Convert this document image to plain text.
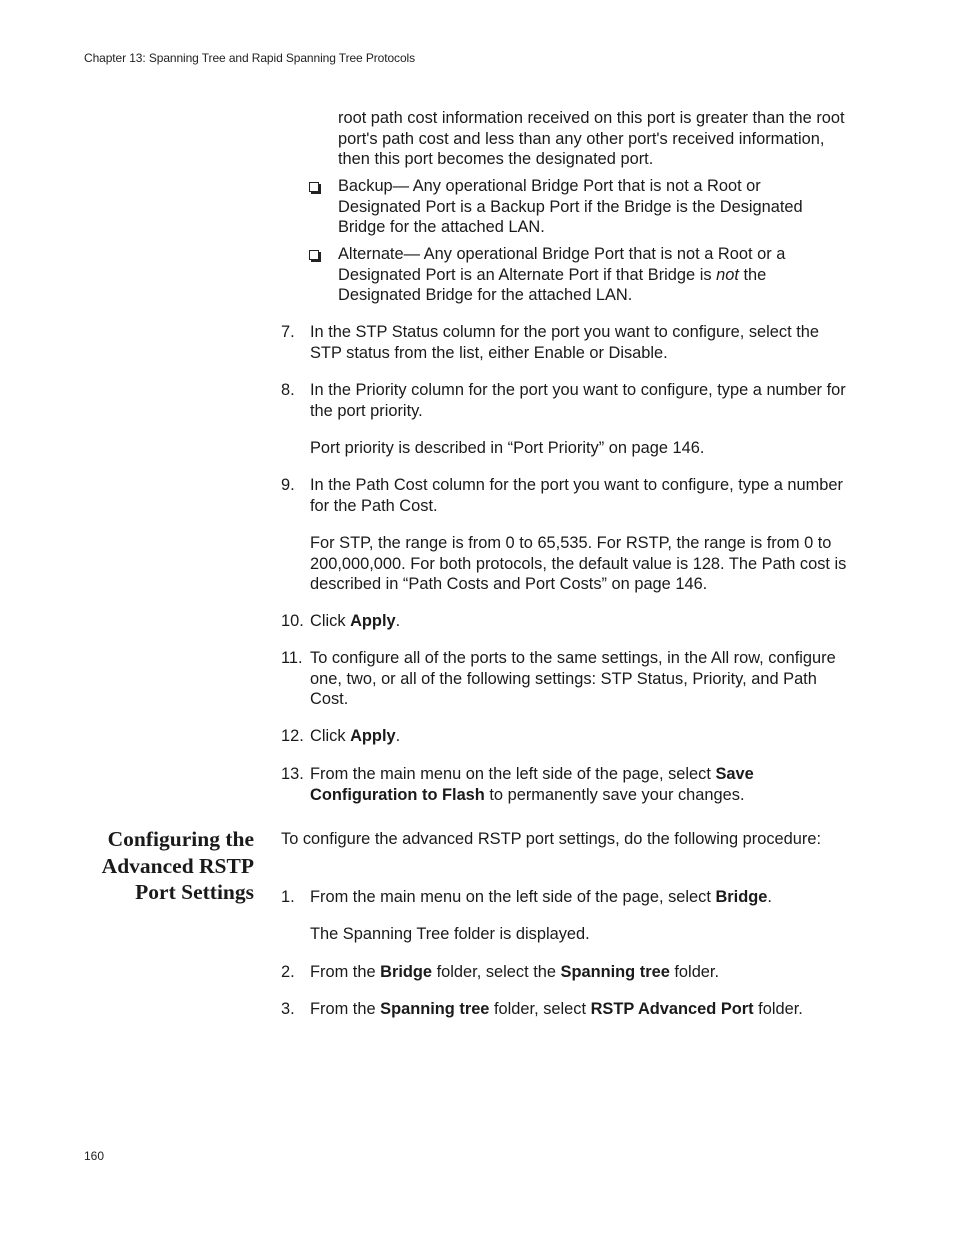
Chapter 13: Spanning Tree and Rapid Spanning Tree Protocols
root path cost information received on this port is greater than the root port's path cost and less than any other port's received information, then this port becomes the designated port.
Backup— Any operational Bridge Port that is not a Root or Designated Port is a Backup Port if the Bridge is the Designated Bridge for the attached LAN.
Alternate— Any operational Bridge Port that is not a Root or a Designated Port is an Alternate Port if that Bridge is not the Designated Bridge for the attached LAN.
7. In the STP Status column for the port you want to configure, select the STP status from the list, either Enable or Disable.
8. In the Priority column for the port you want to configure, type a number for the port priority.
Port priority is described in “Port Priority” on page 146.
9. In the Path Cost column for the port you want to configure, type a number for the Path Cost.
For STP, the range is from 0 to 65,535. For RSTP, the range is from 0 to 200,000,000. For both protocols, the default value is 128. The Path cost is described in “Path Costs and Port Costs” on page 146.
10. Click Apply.
11. To configure all of the ports to the same settings, in the All row, configure one, two, or all of the following settings: STP Status, Priority, and Path Cost.
12. Click Apply.
13. From the main menu on the left side of the page, select Save Configuration to Flash to permanently save your changes.
Configuring the
Advanced RSTP
Port Settings
To configure the advanced RSTP port settings, do the following procedure:
1. From the main menu on the left side of the page, select Bridge.
The Spanning Tree folder is displayed.
2. From the Bridge folder, select the Spanning tree folder.
3. From the Spanning tree folder, select RSTP Advanced Port folder.
160
